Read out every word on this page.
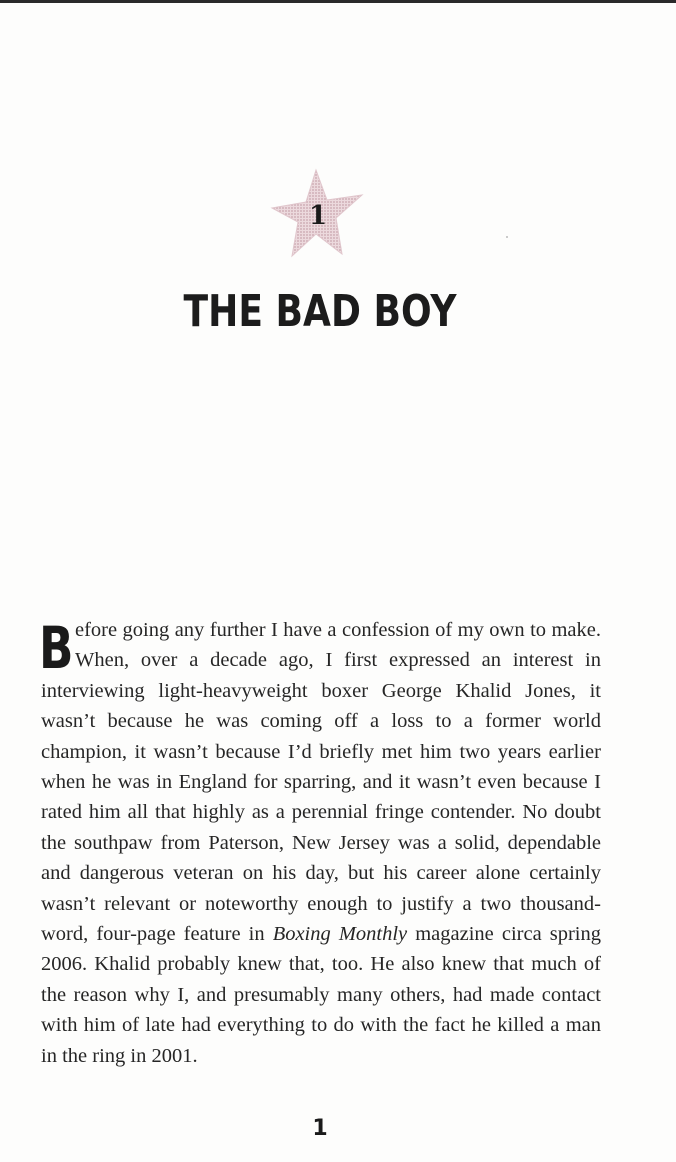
1
THE BAD BOY
Before going any further I have a confession of my own to make. When, over a decade ago, I first expressed an interest in interviewing light-heavyweight boxer George Khalid Jones, it wasn’t because he was coming off a loss to a former world champion, it wasn’t because I’d briefly met him two years earlier when he was in England for sparring, and it wasn’t even because I rated him all that highly as a perennial fringe contender. No doubt the southpaw from Paterson, New Jersey was a solid, dependable and dangerous veteran on his day, but his career alone certainly wasn’t relevant or noteworthy enough to justify a two thousand-word, four-page feature in Boxing Monthly magazine circa spring 2006. Khalid probably knew that, too. He also knew that much of the reason why I, and presumably many others, had made contact with him of late had everything to do with the fact he killed a man in the ring in 2001.
1
